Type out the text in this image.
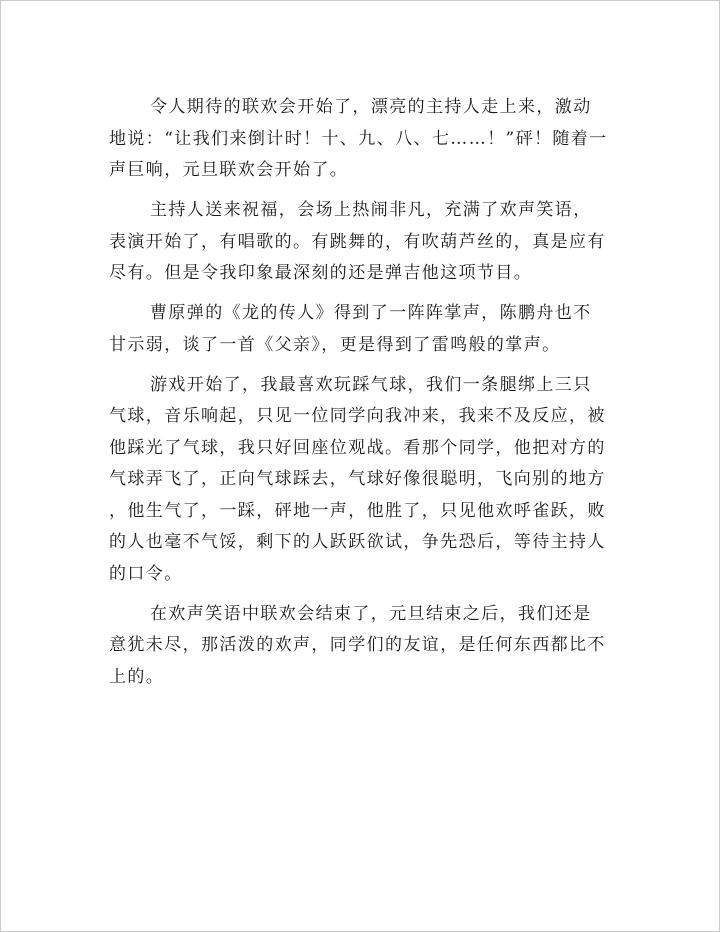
令人期待的联欢会开始了，漂亮的主持人走上来，激动
地说：“让我们来倒计时！十、九、八、七……！”砰！随着一
声巨响，元旦联欢会开始了。

主持人送来祝福，会场上热闹非凡，充满了欢声笑语，
表演开始了，有唱歌的。有跳舞的，有吹葫芦丝的，真是应有
尽有。但是令我印象最深刻的还是弹吉他这项节目。

曹原弹的《龙的传人》得到了一阵阵掌声，陈鹏舟也不
甘示弱，谈了一首《父亲》，更是得到了雷鸣般的掌声。

游戏开始了，我最喜欢玩踩气球，我们一条腿绑上三只
气球，音乐响起，只见一位同学向我冲来，我来不及反应，被
他踩光了气球，我只好回座位观战。看那个同学，他把对方的
气球弄飞了，正向气球踩去，气球好像很聪明，飞向别的地方
，他生气了，一踩，砰地一声，他胜了，只见他欢呼雀跃，败
的人也毫不气馁，剩下的人跃跃欲试，争先恐后，等待主持人
的口令。

在欢声笑语中联欢会结束了，元旦结束之后，我们还是
意犹未尽，那活泼的欢声，同学们的友谊，是任何东西都比不
上的。
